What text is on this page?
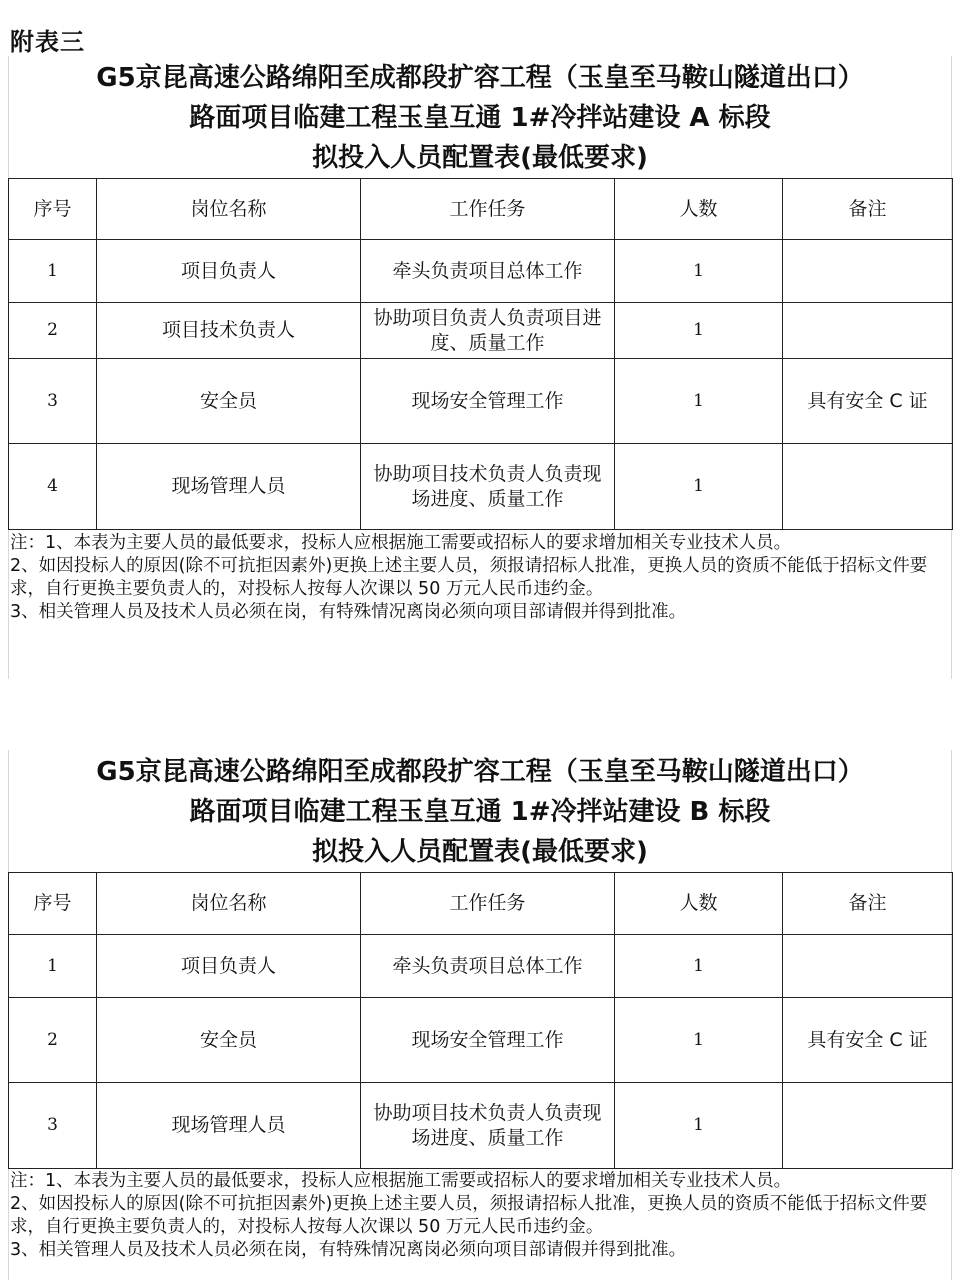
附表三
G5京昆高速公路绵阳至成都段扩容工程（玉皇至马鞍山隧道出口）
路面项目临建工程玉皇互通 1#冷拌站建设 A 标段
拟投入人员配置表(最低要求)
序号	岗位名称	工作任务	人数	备注
1	项目负责人	牵头负责项目总体工作	1	
2	项目技术负责人	协助项目负责人负责项目进度、质量工作	1	
3	安全员	现场安全管理工作	1	具有安全 C 证
4	现场管理人员	协助项目技术负责人负责现场进度、质量工作	1	
注：1、本表为主要人员的最低要求，投标人应根据施工需要或招标人的要求增加相关专业技术人员。
2、如因投标人的原因(除不可抗拒因素外)更换上述主要人员，须报请招标人批准，更换人员的资质不能低于招标文件要求，自行更换主要负责人的，对投标人按每人次课以 50 万元人民币违约金。
3、相关管理人员及技术人员必须在岗，有特殊情况离岗必须向项目部请假并得到批准。
G5京昆高速公路绵阳至成都段扩容工程（玉皇至马鞍山隧道出口）
路面项目临建工程玉皇互通 1#冷拌站建设 B 标段
拟投入人员配置表(最低要求)
序号	岗位名称	工作任务	人数	备注
1	项目负责人	牵头负责项目总体工作	1	
2	安全员	现场安全管理工作	1	具有安全 C 证
3	现场管理人员	协助项目技术负责人负责现场进度、质量工作	1	
注：1、本表为主要人员的最低要求，投标人应根据施工需要或招标人的要求增加相关专业技术人员。
2、如因投标人的原因(除不可抗拒因素外)更换上述主要人员，须报请招标人批准，更换人员的资质不能低于招标文件要求，自行更换主要负责人的，对投标人按每人次课以 50 万元人民币违约金。
3、相关管理人员及技术人员必须在岗，有特殊情况离岗必须向项目部请假并得到批准。
